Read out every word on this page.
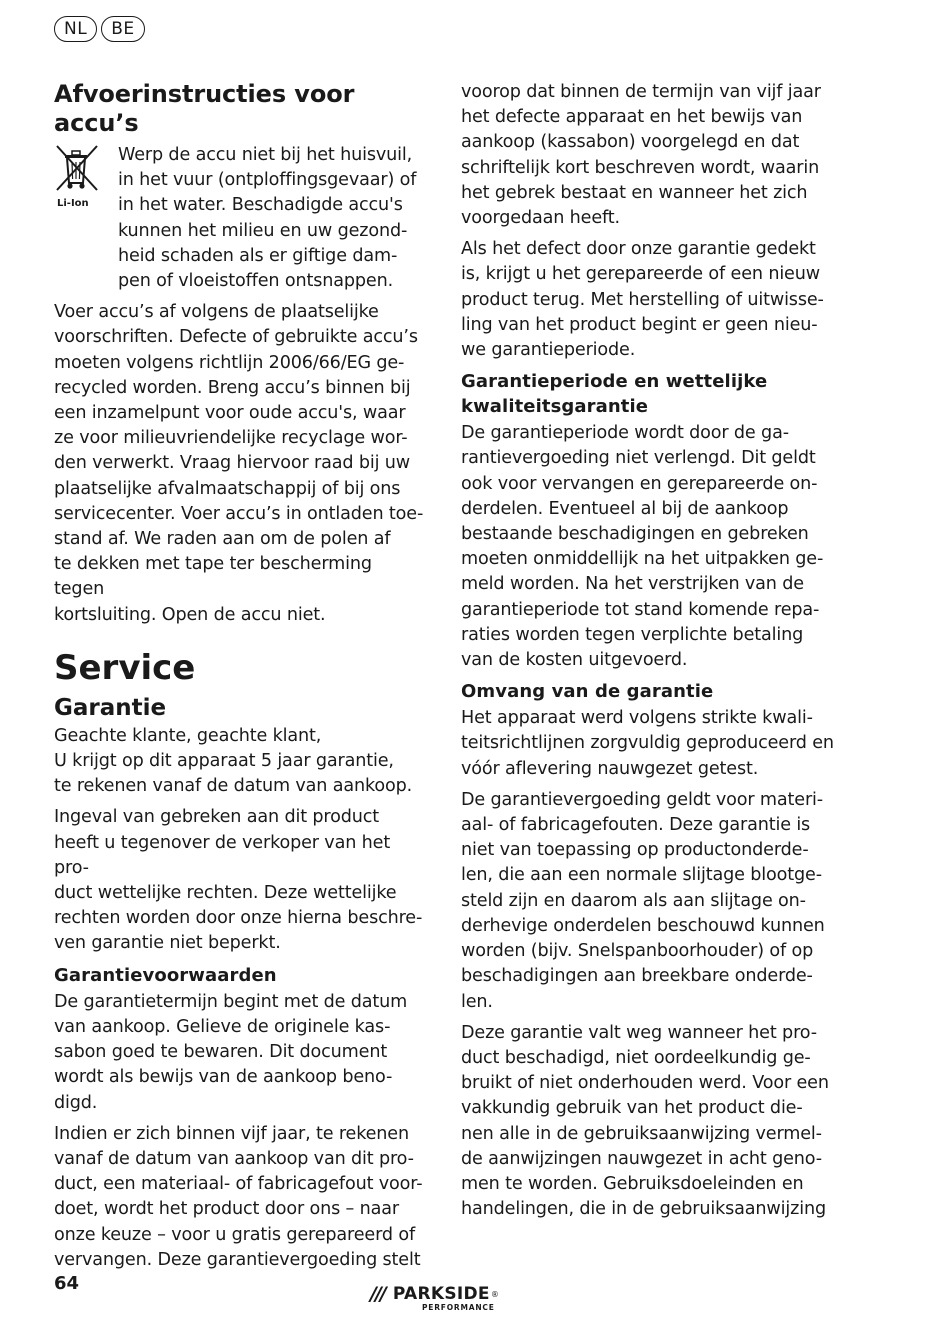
NL	BE
Afvoerinstructies voor accu’s
Li-Ion

Werp de accu niet bij het huisvuil,

in het vuur (ontploffingsgevaar) of

in het water. Beschadigde accu's

kunnen het milieu en uw gezond-

heid schaden als er giftige dam-

pen of vloeistoffen ontsnappen.

Voer accu’s af volgens de plaatselijke

voorschriften. Defecte of gebruikte accu’s

moeten volgens richtlijn 2006/66/EG ge-

recycled worden. Breng accu’s binnen bij

een inzamelpunt voor oude accu's, waar

ze voor milieuvriendelijke recyclage wor-

den verwerkt. Vraag hiervoor raad bij uw

plaatselijke afvalmaatschappij of bij ons

servicecenter. Voer accu’s in ontladen toe-

stand af. We raden aan om de polen af

te dekken met tape ter bescherming tegen

kortsluiting. Open de accu niet.

Service
Garantie

Geachte klante, geachte klant,

U krijgt op dit apparaat 5 jaar garantie,

te rekenen vanaf de datum van aankoop.

Ingeval van gebreken aan dit product

heeft u tegenover de verkoper van het pro-

duct wettelijke rechten. Deze wettelijke

rechten worden door onze hierna beschre-

ven garantie niet beperkt.

Garantievoorwaarden

De garantietermijn begint met de datum

van aankoop. Gelieve de originele kas-

sabon goed te bewaren. Dit document

wordt als bewijs van de aankoop beno-

digd.

Indien er zich binnen vijf jaar, te rekenen

vanaf de datum van aankoop van dit pro-

duct, een materiaal- of fabricagefout voor-

doet, wordt het product door ons – naar

onze keuze – voor u gratis gerepareerd of

vervangen. Deze garantievergoeding stelt

voorop dat binnen de termijn van vijf jaar

het defecte apparaat en het bewijs van

aankoop (kassabon) voorgelegd en dat

schriftelijk kort beschreven wordt, waarin

het gebrek bestaat en wanneer het zich

voorgedaan heeft.

Als het defect door onze garantie gedekt

is, krijgt u het gerepareerde of een nieuw

product terug. Met herstelling of uitwisse-

ling van het product begint er geen nieu-

we garantieperiode.

Garantieperiode en wettelijke
kwaliteitsgarantie

De garantieperiode wordt door de ga-

rantievergoeding niet verlengd. Dit geldt

ook voor vervangen en gerepareerde on-

derdelen. Eventueel al bij de aankoop

bestaande beschadigingen en gebreken

moeten onmiddellijk na het uitpakken ge-

meld worden. Na het verstrijken van de

garantieperiode tot stand komende repa-

raties worden tegen verplichte betaling

van de kosten uitgevoerd.

Omvang van de garantie

Het apparaat werd volgens strikte kwali-

teitsrichtlijnen zorgvuldig geproduceerd en

vóór aflevering nauwgezet getest.

De garantievergoeding geldt voor materi-

aal- of fabricagefouten. Deze garantie is

niet van toepassing op productonderde-

len, die aan een normale slijtage blootge-

steld zijn en daarom als aan slijtage on-

derhevige onderdelen beschouwd kunnen

worden (bijv. Snelspanboorhouder) of op

beschadigingen aan breekbare onderde-

len.

Deze garantie valt weg wanneer het pro-

duct beschadigd, niet oordeelkundig ge-

bruikt of niet onderhouden werd. Voor een

vakkundig gebruik van het product die-

nen alle in de gebruiksaanwijzing vermel-

de aanwijzingen nauwgezet in acht geno-

men te worden. Gebruiksdoeleinden en

handelingen, die in de gebruiksaanwijzing

64	/// PARKSIDE ®
PERFORMANCE
